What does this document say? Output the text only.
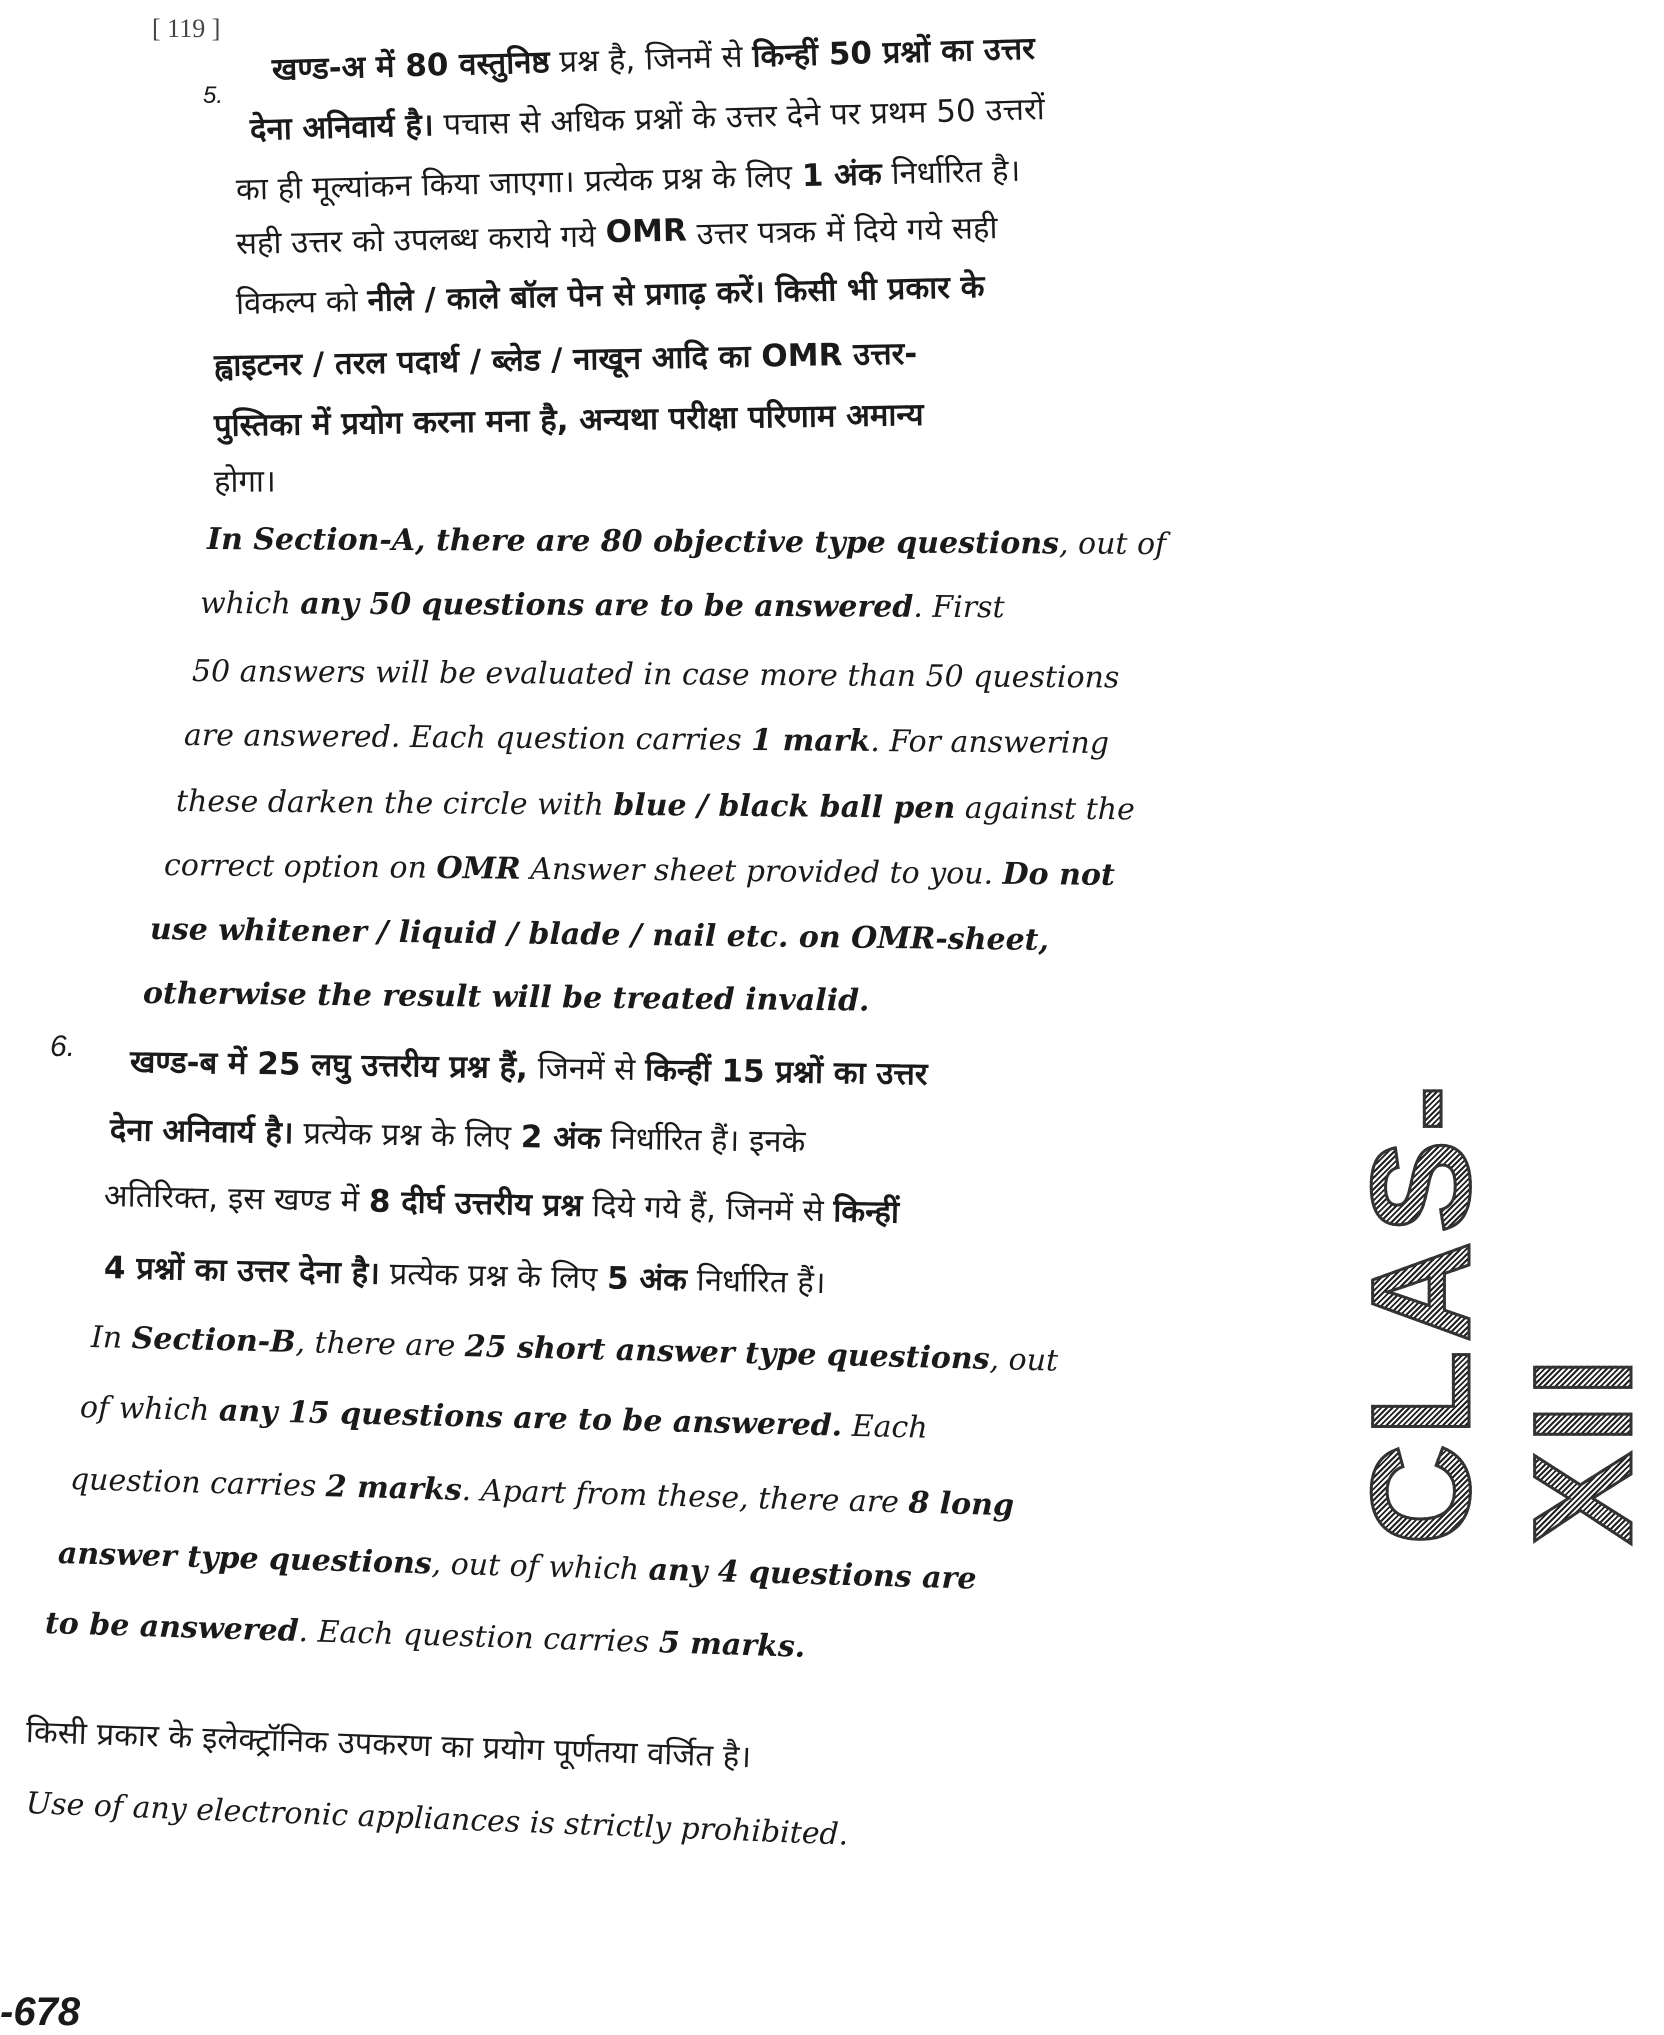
[ 119 ]
5.
6.
खण्ड-अ में 80 वस्तुनिष्ठ
प्रश्न है, जिनमें से
किन्हीं 50 प्रश्नों का उत्तर
देना अनिवार्य है। पचास से अधिक प्रश्नों के उत्तर देने पर प्रथम 50 उत्तरों
का ही मूल्यांकन किया जाएगा। प्रत्येक प्रश्न के लिए 1 अंक निर्धारित है।
सही उत्तर को उपलब्ध कराये गये OMR उत्तर पत्रक में दिये गये सही
विकल्प को नीले / काले बॉल पेन से प्रगाढ़ करें। किसी भी प्रकार के
ह्वाइटनर / तरल पदार्थ / ब्लेड / नाखून आदि का OMR उत्तर-
पुस्तिका में प्रयोग करना मना है, अन्यथा परीक्षा परिणाम अमान्य
होगा।
In Section-A, there are 80 objective type questions , out of
which any 50 questions are to be answered . First
50 answers will be evaluated in case more than 50 questions
are answered. Each question carries 1 mark . For answering
these darken the circle with blue / black ball pen against the
correct option on OMR Answer sheet provided to you. Do not
use whitener / liquid / blade / nail etc. on OMR-sheet,
otherwise the result will be treated invalid.
खण्ड-ब में 25 लघु उत्तरीय प्रश्न हैं, जिनमें से किन्हीं 15 प्रश्नों का उत्तर
देना अनिवार्य है। प्रत्येक प्रश्न के लिए 2 अंक निर्धारित हैं। इनके
अतिरिक्त, इस खण्ड में 8 दीर्घ उत्तरीय प्रश्न दिये गये हैं, जिनमें से किन्हीं
4 प्रश्नों का उत्तर देना है। प्रत्येक प्रश्न के लिए 5 अंक निर्धारित हैं।
In Section-B , there are 25 short answer type questions , out
of which any 15 questions are to be answered. Each
question carries 2 marks . Apart from these, there are 8 long
answer type questions , out of which any 4 questions are
to be answered
. Each question carries
5 marks.
किसी प्रकार के इलेक्ट्रॉनिक उपकरण का प्रयोग पूर्णतया वर्जित है।
Use of any electronic appliances is strictly prohibited.
CLAS-XII
-678
